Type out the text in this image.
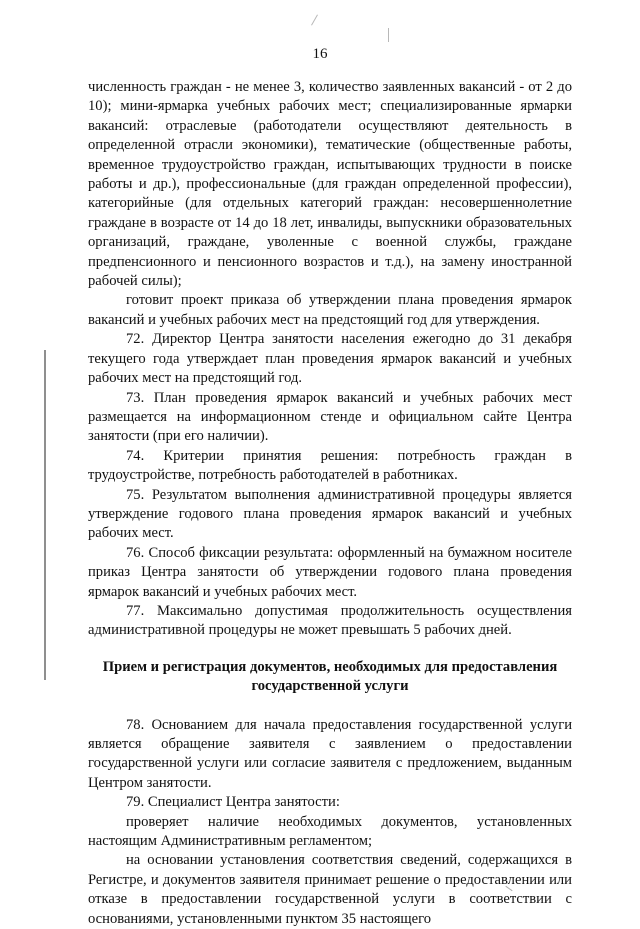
16

численность граждан - не менее 3, количество заявленных вакансий - от 2 до 10); мини-ярмарка учебных рабочих мест; специализированные ярмарки вакансий: отраслевые (работодатели осуществляют деятельность в определенной отрасли экономики), тематические (общественные работы, временное трудоустройство граждан, испытывающих трудности в поиске работы и др.), профессиональные (для граждан определенной профессии), категорийные (для отдельных категорий граждан: несовершеннолетние граждане в возрасте от 14 до 18 лет, инвалиды, выпускники образовательных организаций, граждане, уволенные с военной службы, граждане предпенсионного и пенсионного возрастов и т.д.), на замену иностранной рабочей силы);

готовит проект приказа об утверждении плана проведения ярмарок вакансий и учебных рабочих мест на предстоящий год для утверждения.

72. Директор Центра занятости населения ежегодно до 31 декабря текущего года утверждает план проведения ярмарок вакансий и учебных рабочих мест на предстоящий год.

73. План проведения ярмарок вакансий и учебных рабочих мест размещается на информационном стенде и официальном сайте Центра занятости (при его наличии).

74. Критерии принятия решения: потребность граждан в трудоустройстве, потребность работодателей в работниках.

75. Результатом выполнения административной процедуры является утверждение годового плана проведения ярмарок вакансий и учебных рабочих мест.

76. Способ фиксации результата: оформленный на бумажном носителе приказ Центра занятости об утверждении годового плана проведения ярмарок вакансий и учебных рабочих мест.

77. Максимально допустимая продолжительность осуществления административной процедуры не может превышать 5 рабочих дней.

Прием и регистрация документов, необходимых для предоставления государственной услуги

78. Основанием для начала предоставления государственной услуги является обращение заявителя с заявлением о предоставлении государственной услуги или согласие заявителя с предложением, выданным Центром занятости.

79. Специалист Центра занятости:

проверяет наличие необходимых документов, установленных настоящим Административным регламентом;

на основании установления соответствия сведений, содержащихся в Регистре, и документов заявителя принимает решение о предоставлении или отказе в предоставлении государственной услуги в соответствии с основаниями, установленными пунктом 35 настоящего
